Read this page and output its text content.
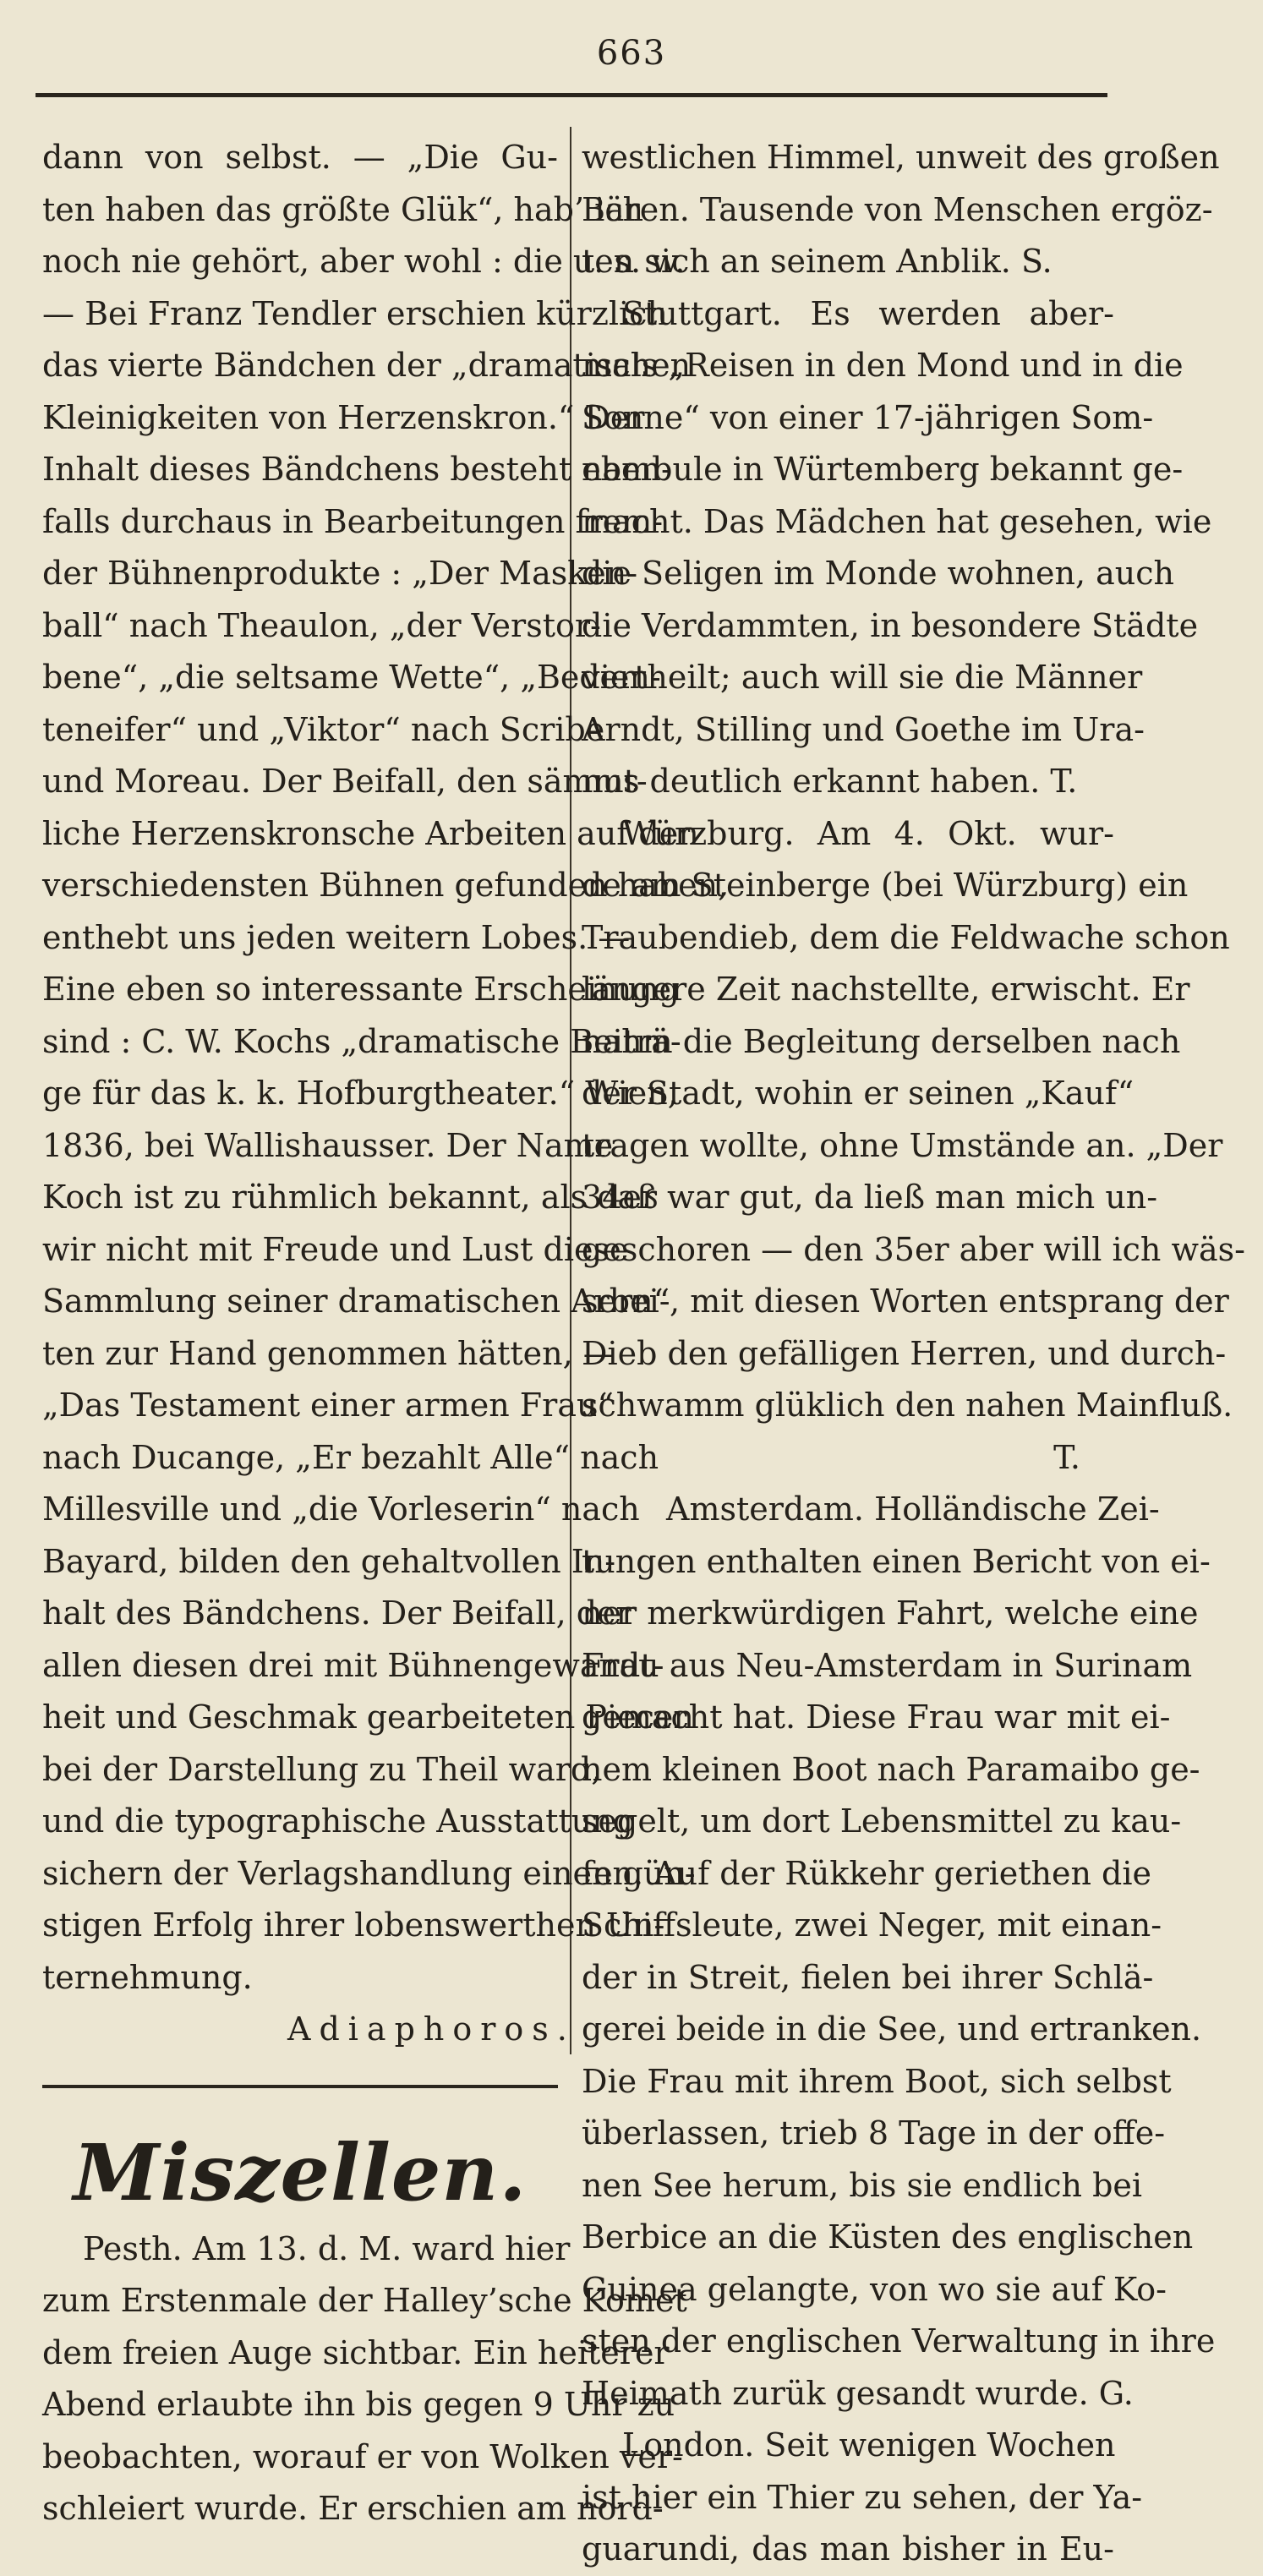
663
dann von selbst. — „Die Gu-
ten haben das größte Glük“, hab’ ich
noch nie gehört, aber wohl : die u. s. w.
— Bei Franz Tendler erschien kürzlich
das vierte Bändchen der „dramatischen
Kleinigkeiten von Herzenskron.“ Der
Inhalt dieses Bändchens besteht eben-
falls durchaus in Bearbeitungen frem-
der Bühnenprodukte : „Der Masken-
ball“ nach Theaulon, „der Verstor-
bene“, „die seltsame Wette“, „Bedien-
teneifer“ und „Viktor“ nach Scribe
und Moreau. Der Beifall, den sämmt-
liche Herzenskronsche Arbeiten auf den
verschiedensten Bühnen gefunden haben,
enthebt uns jeden weitern Lobes. —
Eine eben so interessante Erscheinung
sind : C. W. Kochs „dramatische Beiträ-
ge für das k. k. Hofburgtheater.“ Wien,
1836, bei Wallishausser. Der Name
Koch ist zu rühmlich bekannt, als daß
wir nicht mit Freude und Lust diese
Sammlung seiner dramatischen Arbei-
ten zur Hand genommen hätten, —
„Das Testament einer armen Frau“
nach Ducange, „Er bezahlt Alle“ nach
Millesville und „die Vorleserin“ nach
Bayard, bilden den gehaltvollen In-
halt des Bändchens. Der Beifall, der
allen diesen drei mit Bühnengewandt-
heit und Geschmak gearbeiteten Piecen
bei der Darstellung zu Theil ward,
und die typographische Ausstattung
sichern der Verlagshandlung einen gün-
stigen Erfolg ihrer lobenswerthen Un-
ternehmung.
Adiaphoros.
Miszellen.
Pesth. Am 13. d. M. ward hier
zum Erstenmale der Halley’sche Komet
dem freien Auge sichtbar. Ein heiterer
Abend erlaubte ihn bis gegen 9 Uhr zu
beobachten, worauf er von Wolken ver-
schleiert wurde. Er erschien am nord-
westlichen Himmel, unweit des großen
Bären. Tausende von Menschen ergöz-
ten sich an seinem Anblik. S.
Stuttgart. Es werden aber-
mals „Reisen in den Mond und in die
Sonne“ von einer 17-jährigen Som-
nambule in Würtemberg bekannt ge-
macht. Das Mädchen hat gesehen, wie
die Seligen im Monde wohnen, auch
die Verdammten, in besondere Städte
vertheilt; auch will sie die Männer
Arndt, Stilling und Goethe im Ura-
nus deutlich erkannt haben. T.
Würzburg. Am 4. Okt. wur-
de am Steinberge (bei Würzburg) ein
Traubendieb, dem die Feldwache schon
längere Zeit nachstellte, erwischt. Er
nahm die Begleitung derselben nach
der Stadt, wohin er seinen „Kauf“
tragen wollte, ohne Umstände an. „Der
34er war gut, da ließ man mich un-
geschoren — den 35er aber will ich wäs-
sern“, mit diesen Worten entsprang der
Dieb den gefälligen Herren, und durch-
schwamm glüklich den nahen Mainfluß.
T.
Amsterdam. Holländische Zei-
tungen enthalten einen Bericht von ei-
ner merkwürdigen Fahrt, welche eine
Frau aus Neu-Amsterdam in Surinam
gemacht hat. Diese Frau war mit ei-
nem kleinen Boot nach Paramaibo ge-
segelt, um dort Lebensmittel zu kau-
fen. Auf der Rükkehr geriethen die
Schiffsleute, zwei Neger, mit einan-
der in Streit, fielen bei ihrer Schlä-
gerei beide in die See, und ertranken.
Die Frau mit ihrem Boot, sich selbst
überlassen, trieb 8 Tage in der offe-
nen See herum, bis sie endlich bei
Berbice an die Küsten des englischen
Guinea gelangte, von wo sie auf Ko-
sten der englischen Verwaltung in ihre
Heimath zurük gesandt wurde. G.
London. Seit wenigen Wochen
ist hier ein Thier zu sehen, der Ya-
guarundi, das man bisher in Eu-
